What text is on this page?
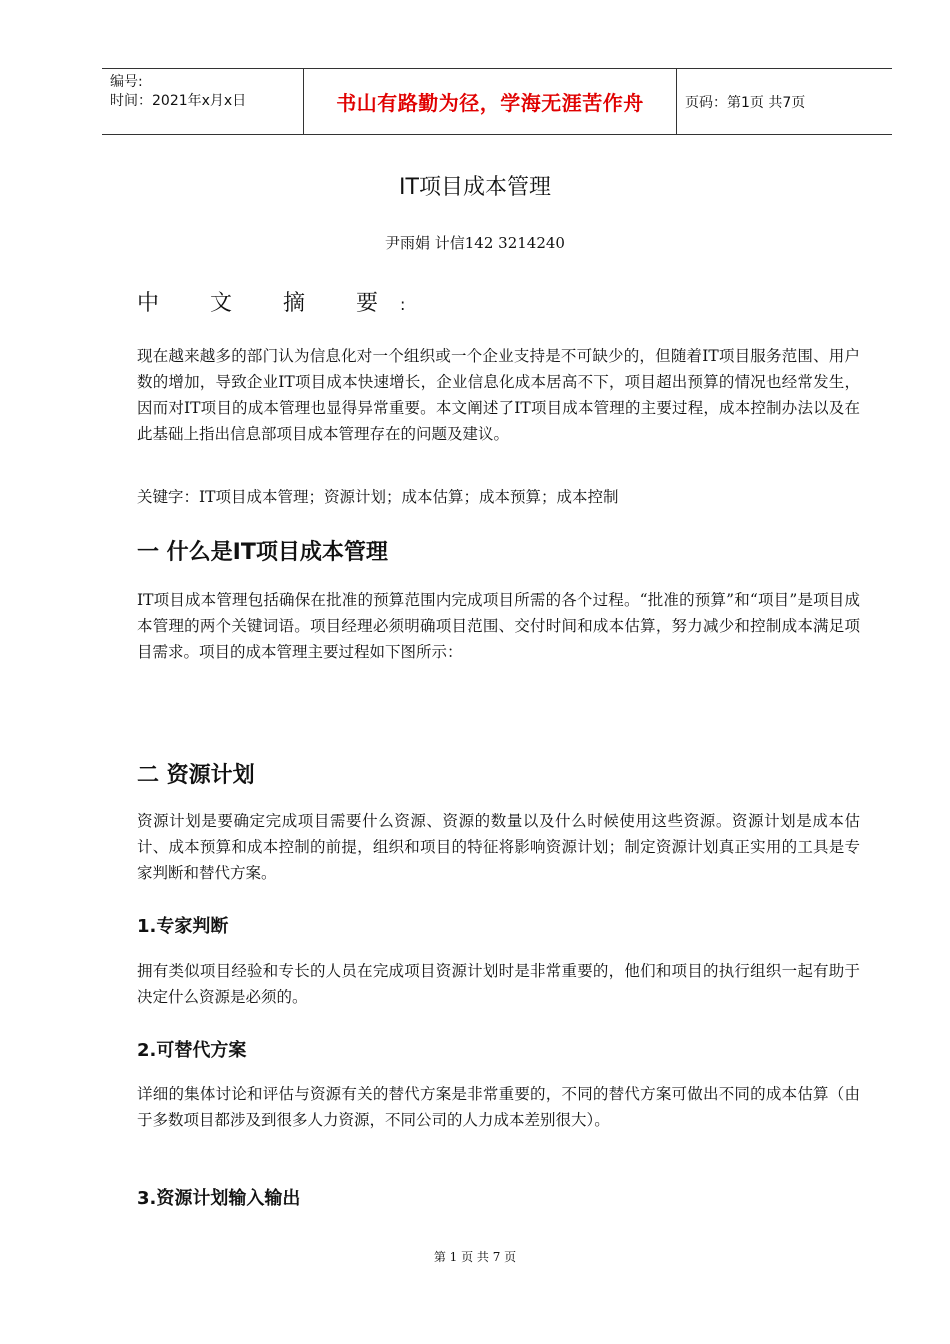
编号:
时间：2021年x月x日	书山有路勤为径，学海无涯苦作舟	页码：第1页 共7页
IT项目成本管理
尹雨娟 计信142 3214240
中 文 摘 要:

现在越来越多的部门认为信息化对一个组织或一个企业支持是不可缺少的，但随着IT项目服务范围、用户数的增加，导致企业IT项目成本快速增长，企业信息化成本居高不下，项目超出预算的情况也经常发生，因而对IT项目的成本管理也显得异常重要。本文阐述了IT项目成本管理的主要过程，成本控制办法以及在此基础上指出信息部项目成本管理存在的问题及建议。

关键字：IT项目成本管理；资源计划；成本估算；成本预算；成本控制

一 什么是IT项目成本管理

IT项目成本管理包括确保在批准的预算范围内完成项目所需的各个过程。“批准的预算”和“项目”是项目成本管理的两个关键词语。项目经理必须明确项目范围、交付时间和成本估算，努力减少和控制成本满足项目需求。项目的成本管理主要过程如下图所示：

二 资源计划

资源计划是要确定完成项目需要什么资源、资源的数量以及什么时候使用这些资源。资源计划是成本估计、成本预算和成本控制的前提，组织和项目的特征将影响资源计划；制定资源计划真正实用的工具是专家判断和替代方案。

1.专家判断

拥有类似项目经验和专长的人员在完成项目资源计划时是非常重要的，他们和项目的执行组织一起有助于决定什么资源是必须的。

2.可替代方案

详细的集体讨论和评估与资源有关的替代方案是非常重要的，不同的替代方案可做出不同的成本估算（由于多数项目都涉及到很多人力资源，不同公司的人力成本差别很大）。

3.资源计划输入输出
第 1 页 共 7 页
